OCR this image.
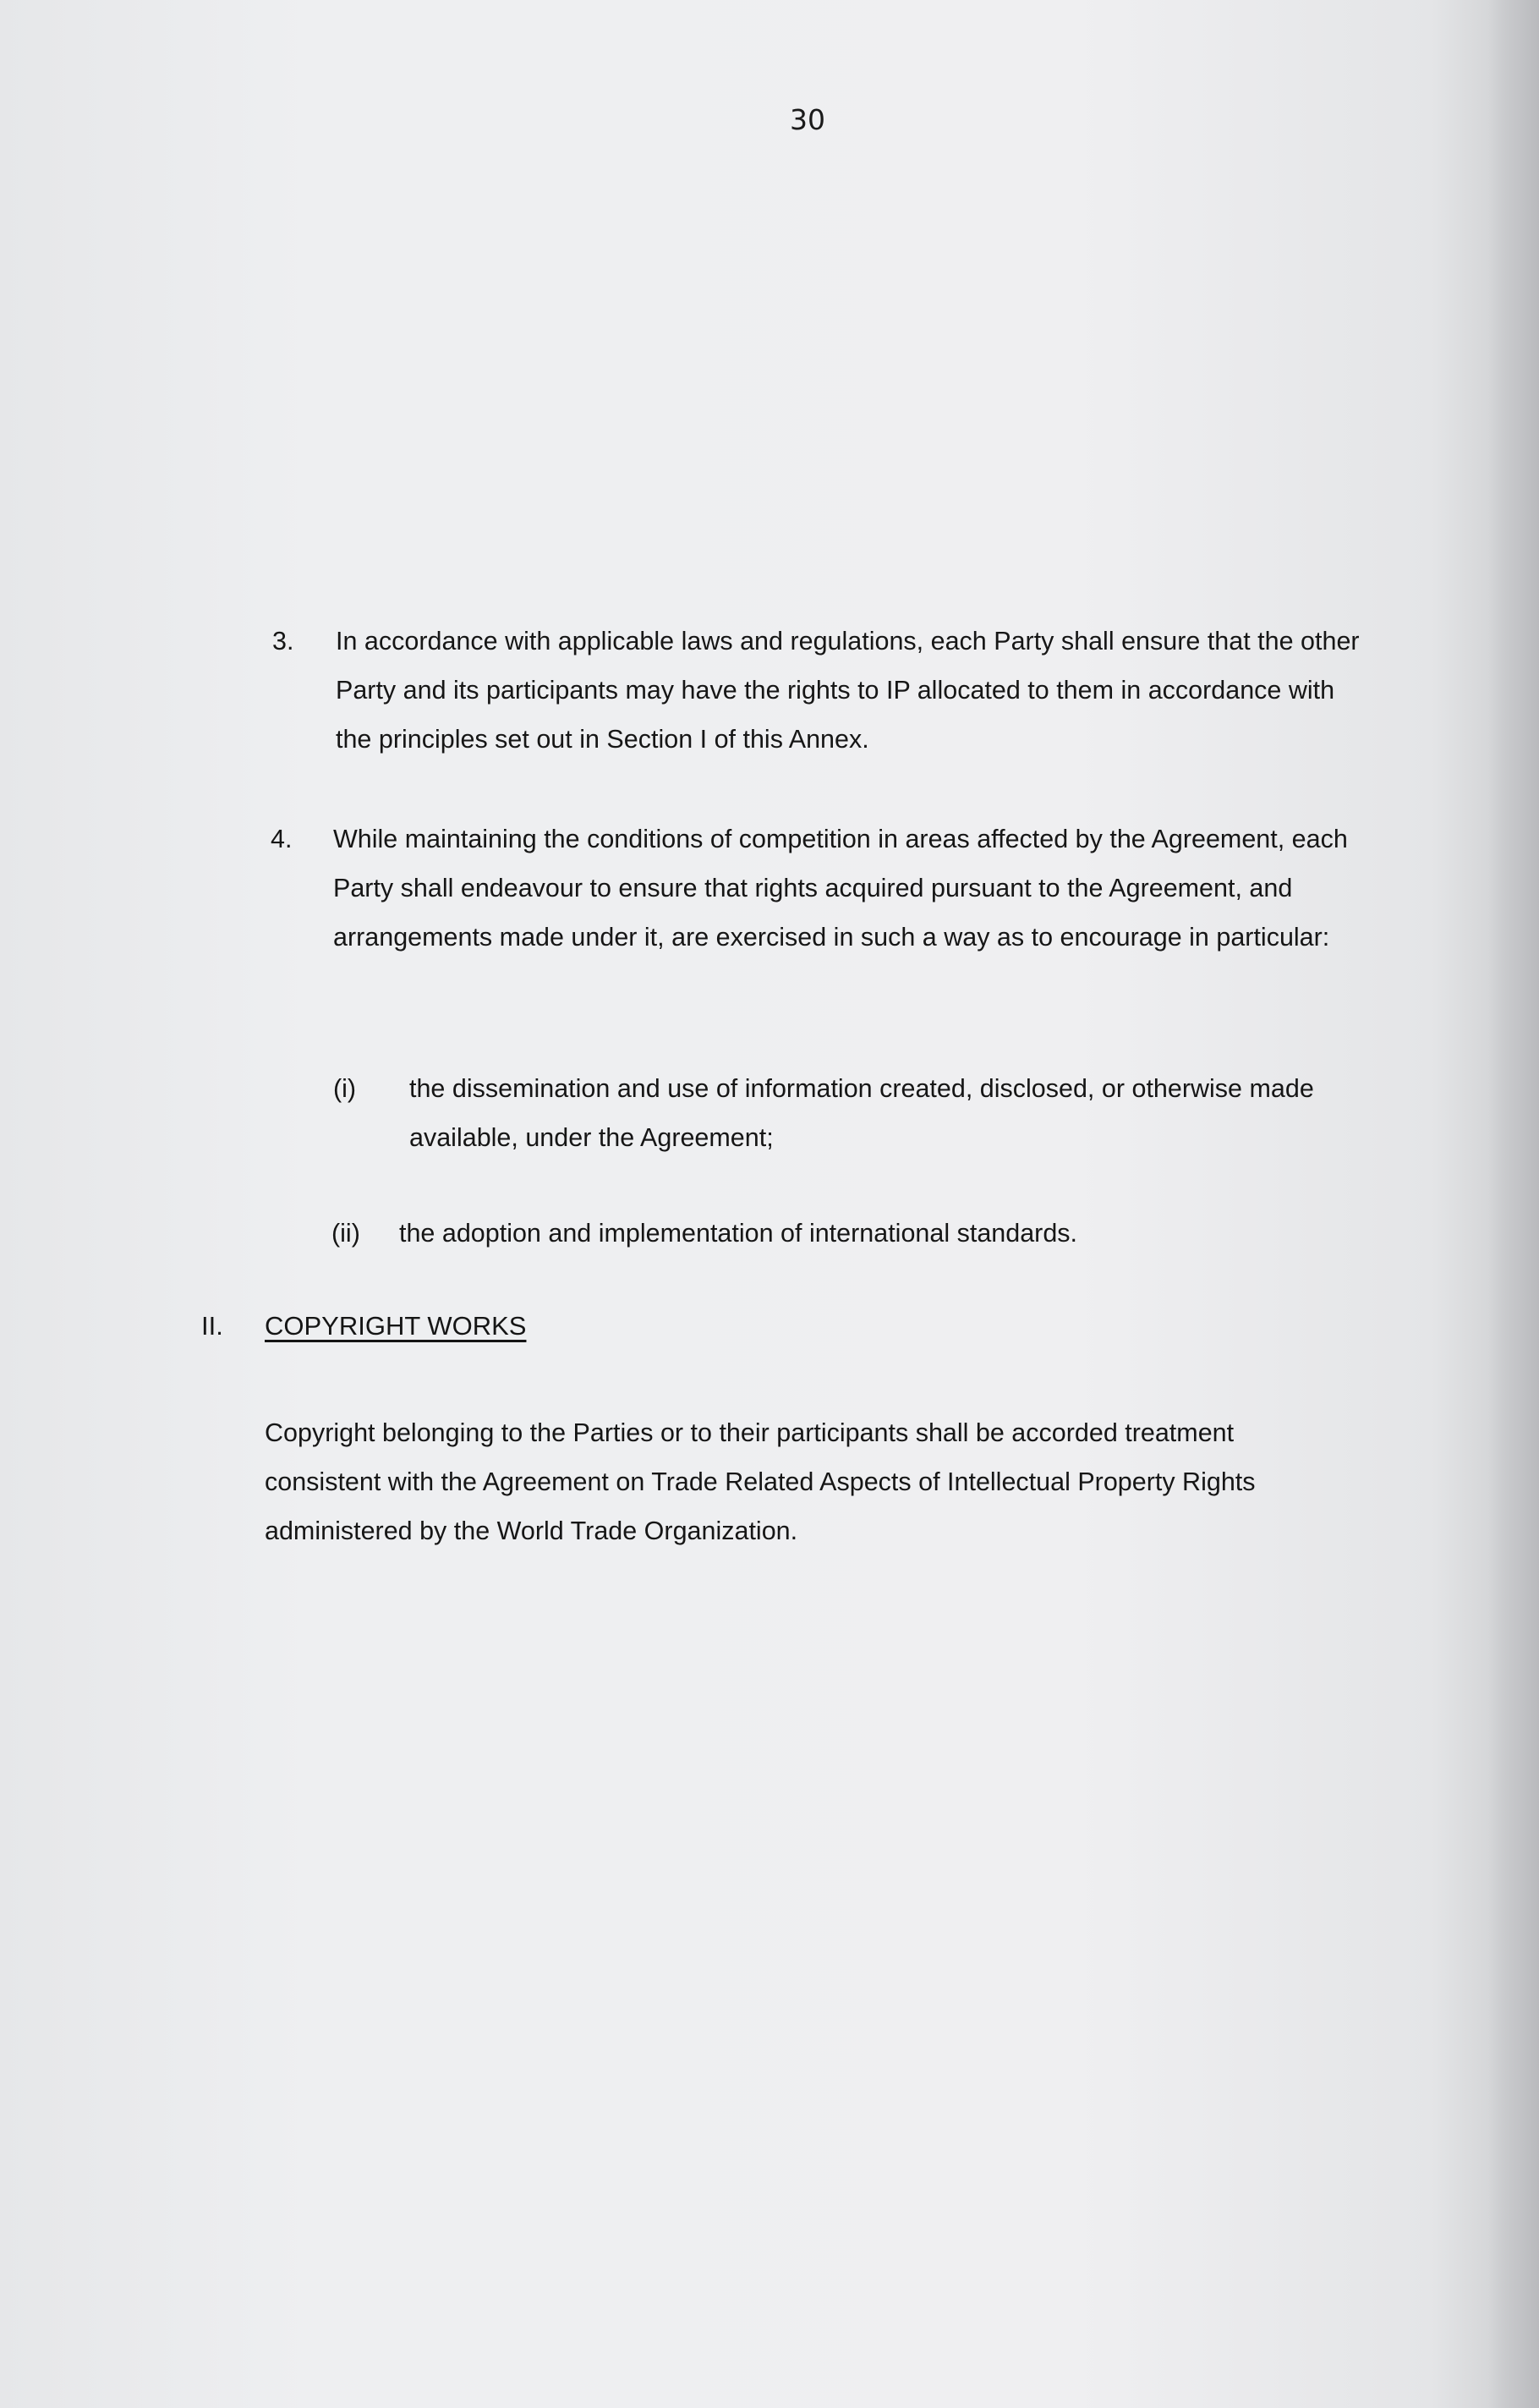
30
3. In accordance with applicable laws and regulations, each Party shall ensure that the other Party and its participants may have the rights to IP allocated to them in accordance with the principles set out in Section I of this Annex.
4. While maintaining the conditions of competition in areas affected by the Agreement, each Party shall endeavour to ensure that rights acquired pursuant to the Agreement, and arrangements made under it, are exercised in such a way as to encourage in particular:
(i) the dissemination and use of information created, disclosed, or otherwise made available, under the Agreement;
(ii) the adoption and implementation of international standards.
II. COPYRIGHT WORKS
Copyright belonging to the Parties or to their participants shall be accorded treatment consistent with the Agreement on Trade Related Aspects of Intellectual Property Rights administered by the World Trade Organization.
